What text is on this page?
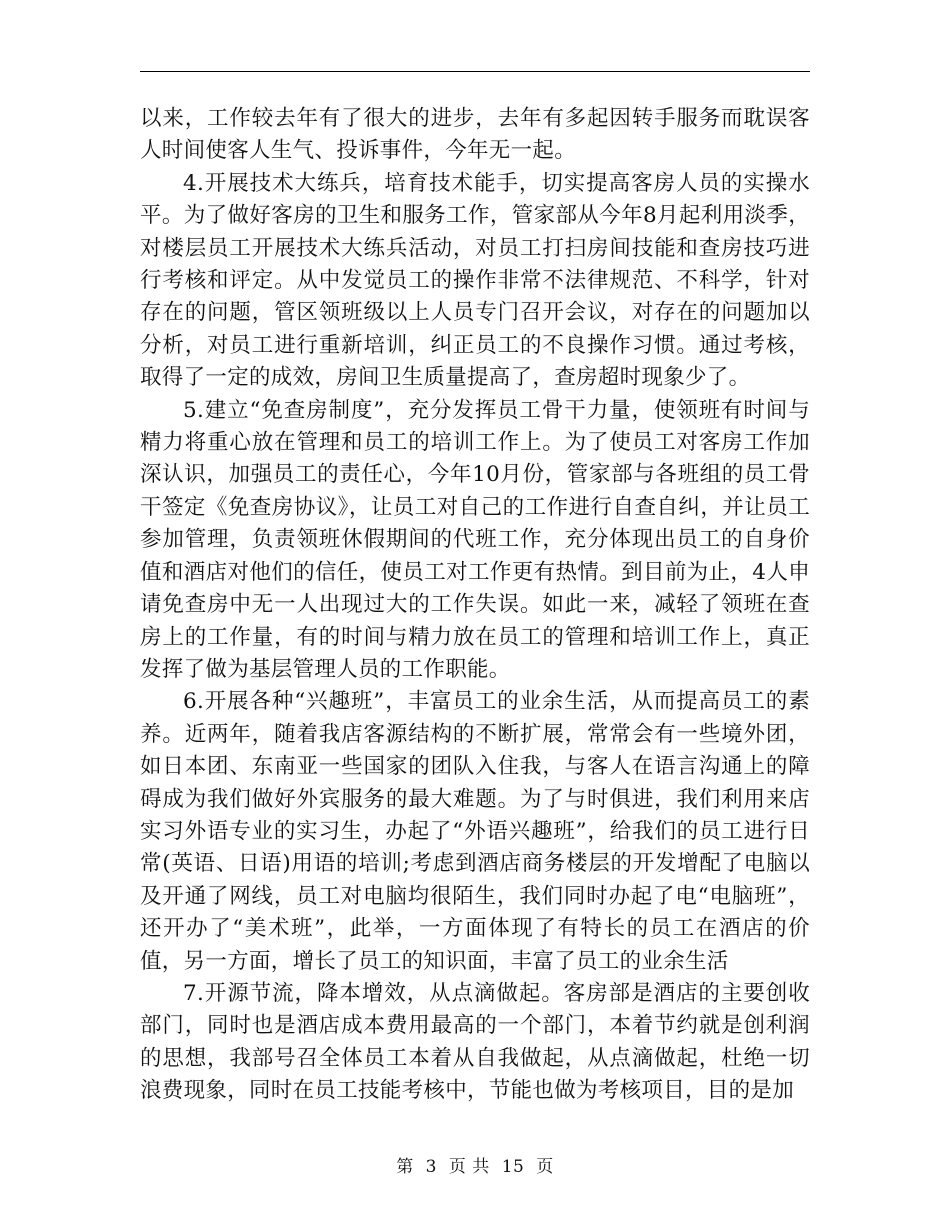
以来，工作较去年有了很大的进步，去年有多起因转手服务而耽误客人时间使客人生气、投诉事件，今年无一起。

4.开展技术大练兵，培育技术能手，切实提高客房人员的实操水平。为了做好客房的卫生和服务工作，管家部从今年8月起利用淡季，对楼层员工开展技术大练兵活动，对员工打扫房间技能和查房技巧进行考核和评定。从中发觉员工的操作非常不法律规范、不科学，针对存在的问题，管区领班级以上人员专门召开会议，对存在的问题加以分析，对员工进行重新培训，纠正员工的不良操作习惯。通过考核，取得了一定的成效，房间卫生质量提高了，查房超时现象少了。

5.建立“免查房制度”，充分发挥员工骨干力量，使领班有时间与精力将重心放在管理和员工的培训工作上。为了使员工对客房工作加深认识，加强员工的责任心，今年10月份，管家部与各班组的员工骨干签定《免查房协议》，让员工对自己的工作进行自查自纠，并让员工参加管理，负责领班休假期间的代班工作，充分体现出员工的自身价值和酒店对他们的信任，使员工对工作更有热情。到目前为止，4人申请免查房中无一人出现过大的工作失误。如此一来，减轻了领班在查房上的工作量，有的时间与精力放在员工的管理和培训工作上，真正发挥了做为基层管理人员的工作职能。

6.开展各种“兴趣班”，丰富员工的业余生活，从而提高员工的素养。近两年，随着我店客源结构的不断扩展，常常会有一些境外团，如日本团、东南亚一些国家的团队入住我，与客人在语言沟通上的障碍成为我们做好外宾服务的最大难题。为了与时俱进，我们利用来店实习外语专业的实习生，办起了“外语兴趣班”，给我们的员工进行日常(英语、日语)用语的培训;考虑到酒店商务楼层的开发增配了电脑以及开通了网线，员工对电脑均很陌生，我们同时办起了电“电脑班”，还开办了“美术班”，此举，一方面体现了有特长的员工在酒店的价值，另一方面，增长了员工的知识面，丰富了员工的业余生活

7.开源节流，降本增效，从点滴做起。客房部是酒店的主要创收部门，同时也是酒店成本费用最高的一个部门，本着节约就是创利润的思想，我部号召全体员工本着从自我做起，从点滴做起，杜绝一切浪费现象，同时在员工技能考核中，节能也做为考核项目，目的是加

第 3 页 共 15 页
